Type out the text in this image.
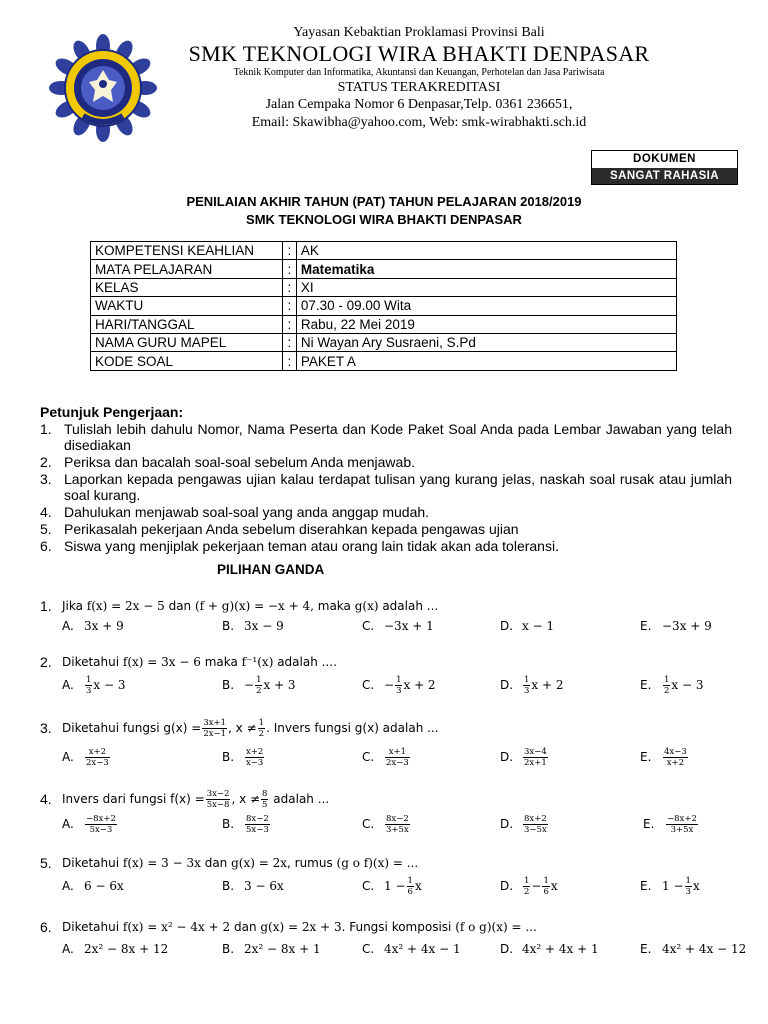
Yayasan Kebaktian Proklamasi Provinsi Bali
SMK TEKNOLOGI WIRA BHAKTI DENPASAR
Teknik Komputer dan Informatika, Akuntansi dan Keuangan, Perhotelan dan Jasa Pariwisata
STATUS TERAKREDITASI
Jalan Cempaka Nomor 6 Denpasar,Telp. 0361 236651,
Email: Skawibha@yahoo.com, Web: smk-wirabhakti.sch.id
DOKUMEN
SANGAT RAHASIA
PENILAIAN AKHIR TAHUN (PAT) TAHUN PELAJARAN 2018/2019
SMK TEKNOLOGI WIRA BHAKTI DENPASAR
KOMPETENSI KEAHLIAN	:	AK
MATA PELAJARAN	:	Matematika
KELAS	:	XI
WAKTU	:	07.30 - 09.00 Wita
HARI/TANGGAL	:	Rabu, 22 Mei 2019
NAMA GURU MAPEL	:	Ni Wayan Ary Susraeni, S.Pd
KODE SOAL	:	PAKET A
Petunjuk Pengerjaan:
1. Tulislah lebih dahulu Nomor, Nama Peserta dan Kode Paket Soal Anda pada Lembar Jawaban yang telah disediakan
2. Periksa dan bacalah soal-soal sebelum Anda menjawab.
3. Laporkan kepada pengawas ujian kalau terdapat tulisan yang kurang jelas, naskah soal rusak atau jumlah soal kurang.
4. Dahulukan menjawab soal-soal yang anda anggap mudah.
5. Perikasalah pekerjaan Anda sebelum diserahkan kepada pengawas ujian
6. Siswa yang menjiplak pekerjaan teman atau orang lain tidak akan ada toleransi.
PILIHAN GANDA
1. Jika f(x) = 2x − 5 dan (f + g)(x) = −x + 4, maka g(x) adalah ...
A. 3x + 9	B. 3x − 9	C. −3x + 1	D. x − 1	E. −3x + 9
2. Diketahui f(x) = 3x − 6 maka f⁻¹(x) adalah ....
A. $\frac{1}{3}$ x − 3	B. − $\frac{1}{2}$ x + 3	C. − $\frac{1}{3}$ x + 2	D. $\frac{1}{3}$ x + 2	E. $\frac{1}{2}$ x − 3
3. Diketahui fungsi $g(x) = \frac{3x+1}{2x-1}$ , $x \ne \frac{1}{2}$ . Invers fungsi g(x) adalah ...
A. $\frac{x+2}{2x-3}$	B. $\frac{x+2}{x-3}$	C. $\frac{x+1}{2x-3}$	D. $\frac{3x-4}{2x+1}$	E. $\frac{4x-3}{x+2}$
4. Invers dari fungsi $f(x) = \frac{3x-2}{5x-8}$ , $x \ne \frac{8}{5}$ adalah ...
A. $\frac{-8x+2}{5x-3}$	B. $\frac{8x-2}{5x-3}$	C. $\frac{8x-2}{3+5x}$	D. $\frac{8x+2}{3-5x}$	E. $\frac{-8x+2}{3+5x}$
5. Diketahui f(x) = 3 − 3x dan g(x) = 2x, rumus (g o f)(x) = ...
A. 6 − 6x	B. 3 − 6x	C. $1 - \frac{1}{6}$ x	D. $\frac{1}{2} - \frac{1}{6}$ x	E. $1 - \frac{1}{3}$ x
6. Diketahui f(x) = x² − 4x + 2 dan g(x) = 2x + 3. Fungsi komposisi (f o g)(x) = ...
A. 2x² − 8x + 12	B. 2x² − 8x + 1	C. 4x² + 4x − 1	D. 4x² + 4x + 1	E. 4x² + 4x − 12
